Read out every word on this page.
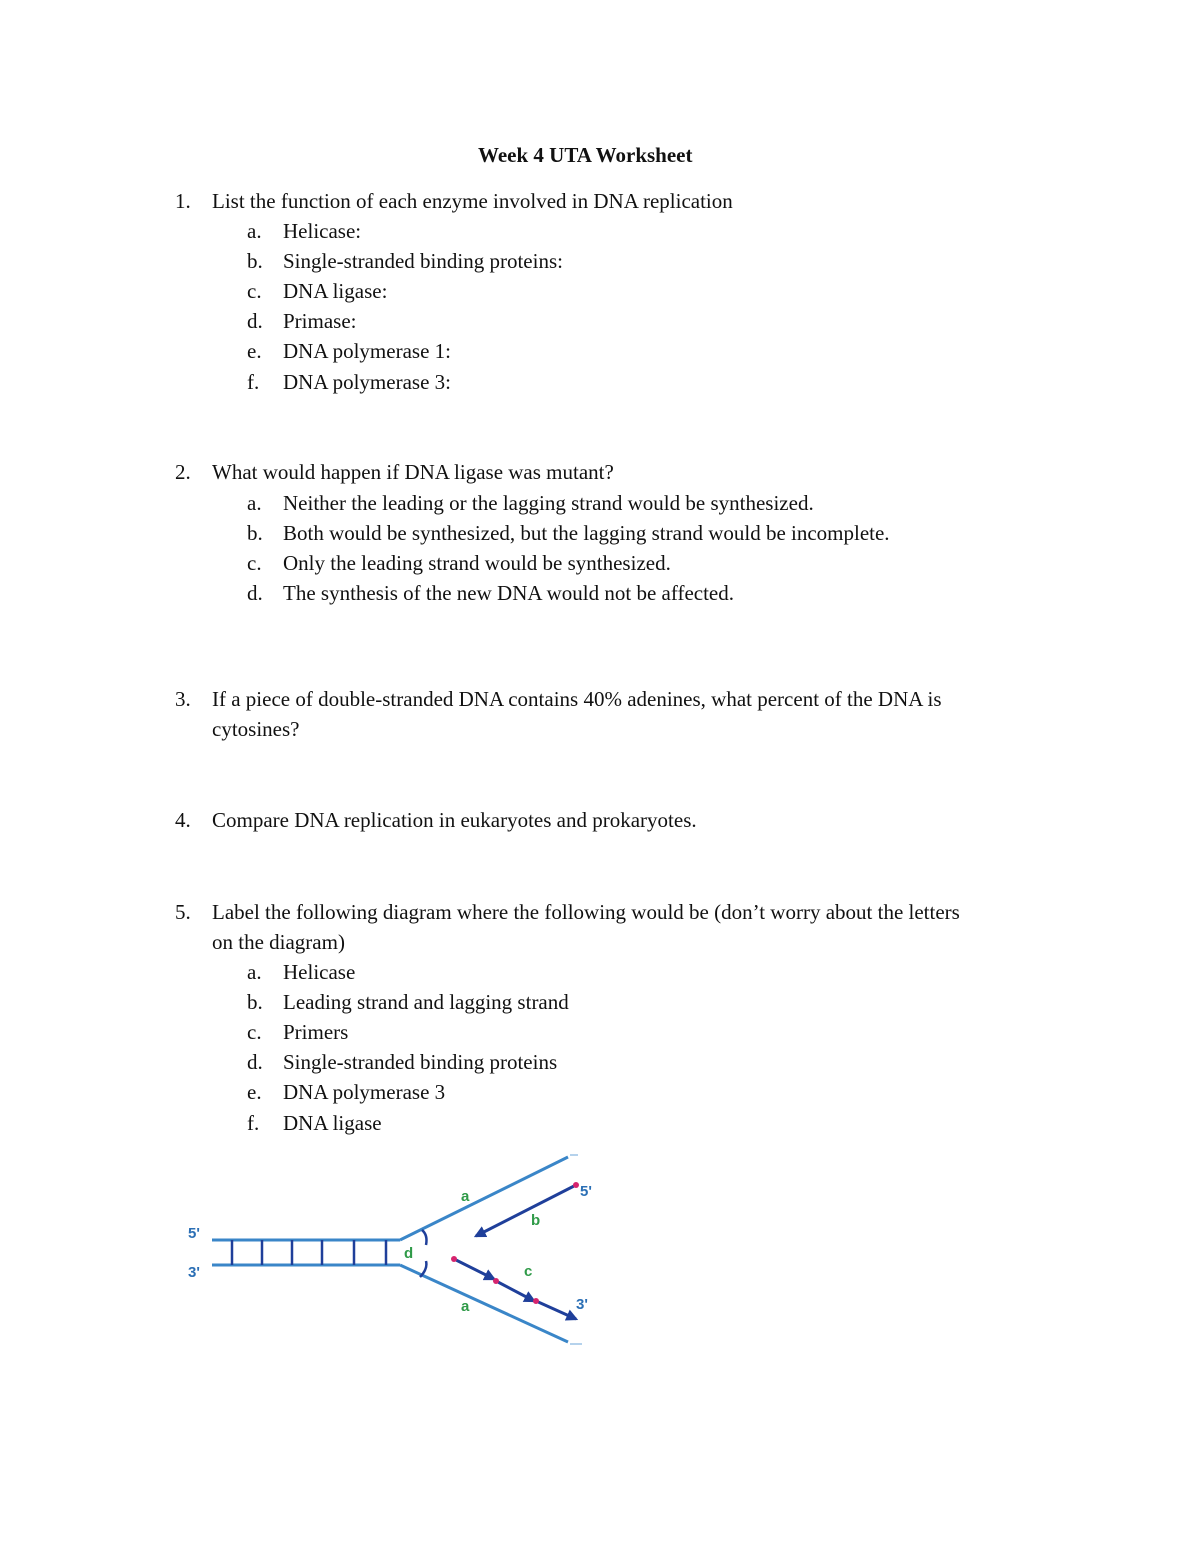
Week 4 UTA Worksheet
1. List the function of each enzyme involved in DNA replication
a. Helicase:
b. Single-stranded binding proteins:
c. DNA ligase:
d. Primase:
e. DNA polymerase 1:
f. DNA polymerase 3:
2. What would happen if DNA ligase was mutant?
a. Neither the leading or the lagging strand would be synthesized.
b. Both would be synthesized, but the lagging strand would be incomplete.
c. Only the leading strand would be synthesized.
d. The synthesis of the new DNA would not be affected.
3. If a piece of double-stranded DNA contains 40% adenines, what percent of the DNA is
cytosines?
4. Compare DNA replication in eukaryotes and prokaryotes.
5. Label the following diagram where the following would be (don’t worry about the letters
on the diagram)
a. Helicase
b. Leading strand and lagging strand
c. Primers
d. Single-stranded binding proteins
e. DNA polymerase 3
f. DNA ligase
5'
3'
5'
3'
a
a
b
c
d
